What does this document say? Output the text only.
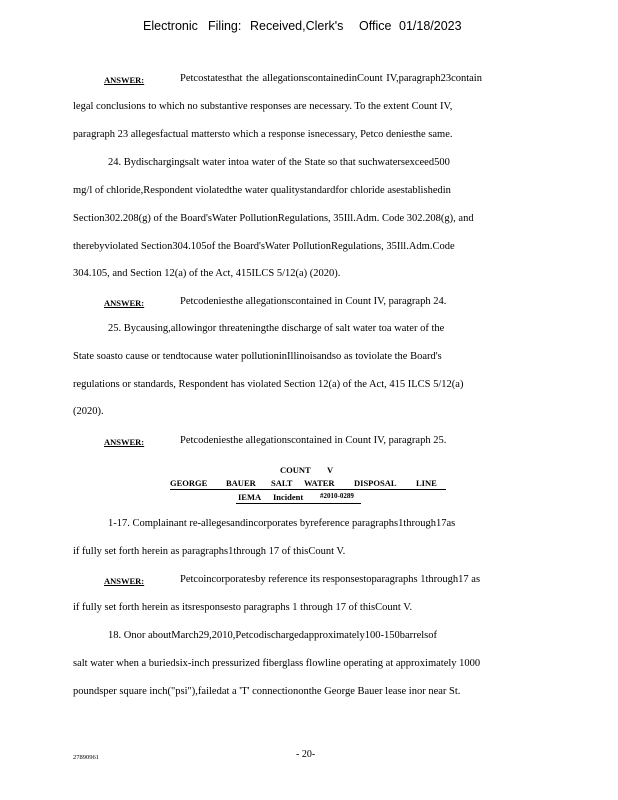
Electronic Filing: Received,Clerk's Office 01/18/2023
ANSWER:	Petcostatesthat the allegationscontainedinCount IV,paragraph23contain
legal conclusions to which no substantive responses are necessary. To the extent Count IV,
paragraph 23 allegesfactual mattersto which a response isnecessary, Petco deniesthe same.
24. Bydischargingsalt water intoa water of the State so that suchwatersexceed500
mg/l of chloride,Respondent violatedthe water qualitystandardfor chloride asestablishedin
Section302.208(g) of the Board'sWater PollutionRegulations, 35Ill.Adm. Code 302.208(g), and
therebyviolated Section304.105of the Board'sWater PollutionRegulations, 35Ill.Adm.Code
304.105, and Section 12(a) of the Act, 415ILCS 5/12(a) (2020).
ANSWER:	Petcodeniesthe allegationscontained in Count IV, paragraph 24.
25. Bycausing,allowingor threateningthe discharge of salt water toa water of the
State soasto cause or tendtocause water pollutioninIllinoisandso as toviolate the Board's
regulations or standards, Respondent has violated Section 12(a) of the Act, 415 ILCS 5/12(a)
(2020).
ANSWER:	Petcodeniesthe allegationscontained in Count IV, paragraph 25.
COUNT V
GEORGE BAUER SALT WATER DISPOSAL LINE
IEMA Incident #2010-0289
1-17. Complainant re-allegesandincorporates byreference paragraphs1through17as
if fully set forth herein as paragraphs1through 17 of thisCount V.
ANSWER:	Petcoincorporatesby reference its responsestoparagraphs 1through17 as
if fully set forth herein as itsresponsesto paragraphs 1 through 17 of thisCount V.
18. Onor aboutMarch29,2010,Petcodischargedapproximately100-150barrelsof
salt water when a buriedsix-inch pressurized fiberglass flowline operating at approximately 1000
poundsper square inch("psi"),failedat a 'T' connectiononthe George Bauer lease inor near St.
27890961	- 20-
